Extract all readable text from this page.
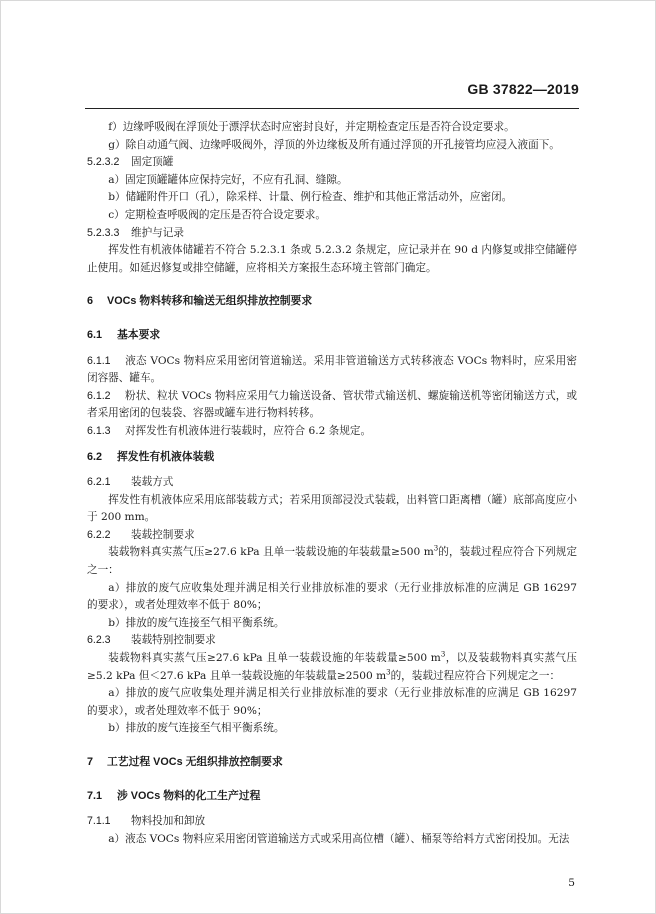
GB 37822—2019

f）边缘呼吸阀在浮顶处于漂浮状态时应密封良好，并定期检查定压是否符合设定要求。

g）除自动通气阀、边缘呼吸阀外，浮顶的外边缘板及所有通过浮顶的开孔接管均应浸入液面下。

5.2.3.2 固定顶罐

a）固定顶罐罐体应保持完好，不应有孔洞、缝隙。

b）储罐附件开口（孔），除采样、计量、例行检查、维护和其他正常活动外，应密闭。

c）定期检查呼吸阀的定压是否符合设定要求。

5.2.3.3 维护与记录

挥发性有机液体储罐若不符合 5.2.3.1 条或 5.2.3.2 条规定，应记录并在 90 d 内修复或排空储罐停止使用。如延迟修复或排空储罐，应将相关方案报生态环境主管部门确定。

6 VOCs 物料转移和输送无组织排放控制要求

6.1 基本要求

6.1.1 液态 VOCs 物料应采用密闭管道输送。采用非管道输送方式转移液态 VOCs 物料时，应采用密闭容器、罐车。

6.1.2 粉状、粒状 VOCs 物料应采用气力输送设备、管状带式输送机、螺旋输送机等密闭输送方式，或者采用密闭的包装袋、容器或罐车进行物料转移。

6.1.3 对挥发性有机液体进行装载时，应符合 6.2 条规定。

6.2 挥发性有机液体装载

6.2.1 装载方式

挥发性有机液体应采用底部装载方式；若采用顶部浸没式装载，出料管口距离槽（罐）底部高度应小于 200 mm。

6.2.2 装载控制要求

装载物料真实蒸气压≥27.6 kPa 且单一装载设施的年装载量≥500 $m^3$的，装载过程应符合下列规定之一：

a）排放的废气应收集处理并满足相关行业排放标准的要求（无行业排放标准的应满足 GB 16297 的要求），或者处理效率不低于 80%；

b）排放的废气连接至气相平衡系统。

6.2.3 装载特别控制要求

装载物料真实蒸气压≥27.6 kPa 且单一装载设施的年装载量≥500 $m^3$，以及装载物料真实蒸气压≥5.2 kPa 但＜27.6 kPa 且单一装载设施的年装载量≥2500 $m^3$的，装载过程应符合下列规定之一：

a）排放的废气应收集处理并满足相关行业排放标准的要求（无行业排放标准的应满足 GB 16297 的要求），或者处理效率不低于 90%；

b）排放的废气连接至气相平衡系统。

7 工艺过程 VOCs 无组织排放控制要求

7.1 涉 VOCs 物料的化工生产过程

7.1.1 物料投加和卸放

a）液态 VOCs 物料应采用密闭管道输送方式或采用高位槽（罐）、桶泵等给料方式密闭投加。无法

5
